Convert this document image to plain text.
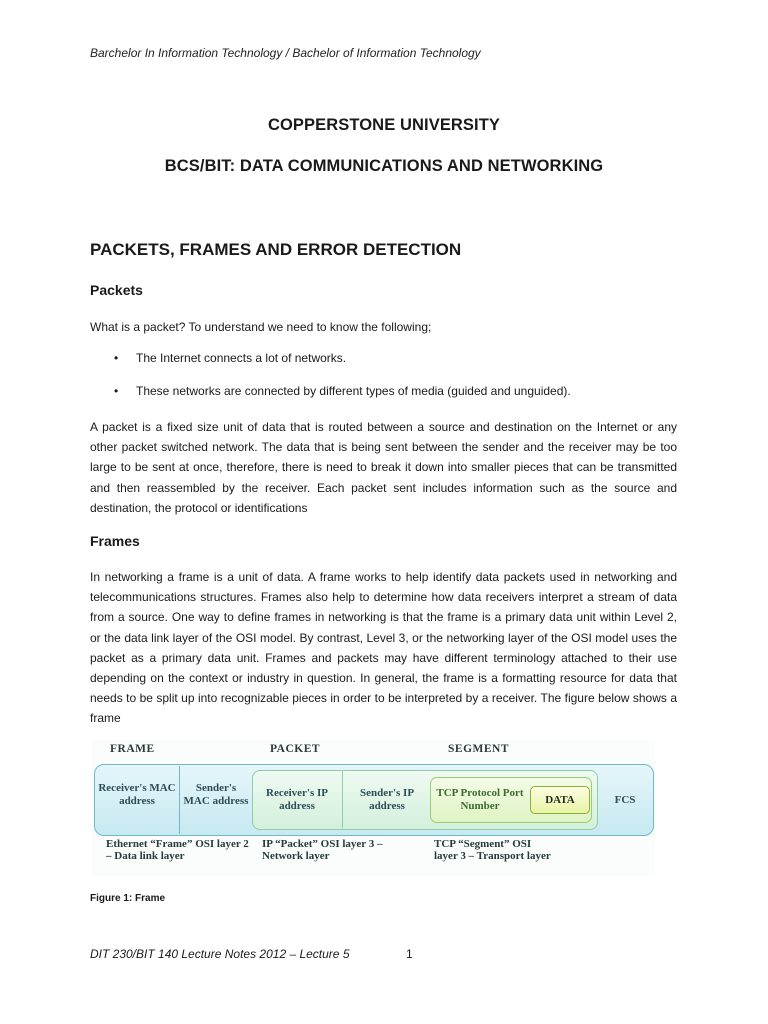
Barchelor In Information Technology / Bachelor of Information Technology
COPPERSTONE UNIVERSITY
BCS/BIT: DATA COMMUNICATIONS AND NETWORKING
PACKETS, FRAMES AND ERROR DETECTION
Packets

What is a packet? To understand we need to know the following;

• The Internet connects a lot of networks.
• These networks are connected by different types of media (guided and unguided).

A packet is a fixed size unit of data that is routed between a source and destination on the Internet or any other packet switched network. The data that is being sent between the sender and the receiver may be too large to be sent at once, therefore, there is need to break it down into smaller pieces that can be transmitted and then reassembled by the receiver. Each packet sent includes information such as the source and destination, the protocol or identifications

Frames

In networking a frame is a unit of data. A frame works to help identify data packets used in networking and telecommunications structures. Frames also help to determine how data receivers interpret a stream of data from a source. One way to define frames in networking is that the frame is a primary data unit within Level 2, or the data link layer of the OSI model. By contrast, Level 3, or the networking layer of the OSI model uses the packet as a primary data unit. Frames and packets may have different terminology attached to their use depending on the context or industry in question. In general, the frame is a formatting resource for data that needs to be split up into recognizable pieces in order to be interpreted by a receiver. The figure below shows a frame

FRAME	PACKET	SEGMENT
Receiver's MAC address
Sender's MAC address
Receiver's IP address
Sender's IP address
TCP Protocol Port Number	DATA	FCS
Ethernet “Frame” OSI layer 2 – Data link layer
IP “Packet” OSI layer 3 – Network layer
TCP “Segment” OSI layer 3 – Transport layer
Figure 1: Frame
DIT 230/BIT 140 Lecture Notes 2012 – Lecture 5	1
